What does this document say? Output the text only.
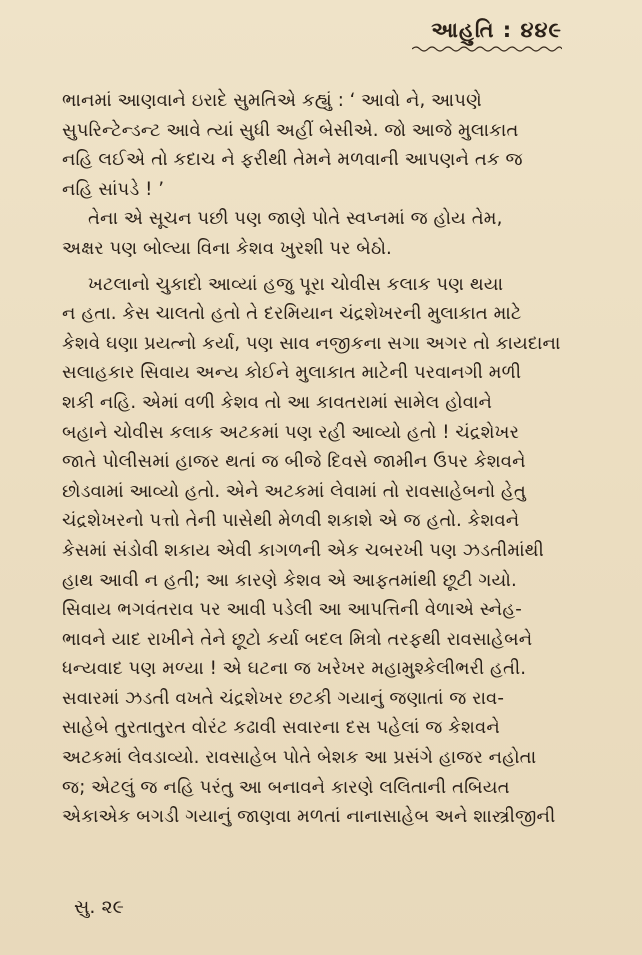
આહુતિ : ૪૪૯

ભાનમાં આણવાને ઇરાદે સુમતિએ કહ્યું : ‘ આવો ને, આપણે
સુપરિન્ટેન્ડન્ટ આવે ત્યાં સુધી અહીં બેસીએ. જો આજે મુલાકાત
નહિ લઈએ તો કદાચ ને ફરીથી તેમને મળવાની આપણને તક જ
નહિ સાંપડે ! ’

તેના એ સૂચન પછી પણ જાણે પોતે સ્વપ્નમાં જ હોય તેમ,
અક્ષર પણ બોલ્યા વિના કેશવ ખુરશી પર બેઠો.

ખટલાનો ચુકાદો આવ્યાં હજુ પૂરા ચોવીસ કલાક પણ થયા
ન હતા. કેસ ચાલતો હતો તે દરમિયાન ચંદ્રશેખરની મુલાકાત માટે
કેશવે ઘણા પ્રયત્નો કર્યા, પણ સાવ નજીકના સગા અગર તો કાયદાના
સલાહકાર સિવાય અન્ય કોઈને મુલાકાત માટેની પરવાનગી મળી
શકી નહિ. એમાં વળી કેશવ તો આ કાવતરામાં સામેલ હોવાને
બહાને ચોવીસ કલાક અટકમાં પણ રહી આવ્યો હતો ! ચંદ્રશેખર
જાતે પોલીસમાં હાજર થતાં જ બીજે દિવસે જામીન ઉપર કેશવને
છોડવામાં આવ્યો હતો. એને અટકમાં લેવામાં તો રાવસાહેબનો હેતુ
ચંદ્રશેખરનો પત્તો તેની પાસેથી મેળવી શકાશે એ જ હતો. કેશવને
કેસમાં સંડોવી શકાય એવી કાગળની એક ચબરખી પણ ઝડતીમાંથી
હાથ આવી ન હતી; આ કારણે કેશવ એ આફતમાંથી છૂટી ગયો.
સિવાય ભગવંતરાવ પર આવી પડેલી આ આપત્તિની વેળાએ સ્નેહ-
ભાવને યાદ રાખીને તેને છૂટો કર્યા બદલ મિત્રો તરફથી રાવસાહેબને
ધન્યવાદ પણ મળ્યા ! એ ઘટના જ ખરેખર મહામુશ્કેલીભરી હતી.
સવારમાં ઝડતી વખતે ચંદ્રશેખર છટકી ગયાનું જણાતાં જ રાવ-
સાહેબે તુરતાતુરત વોરંટ કઢાવી સવારના દસ પહેલાં જ કેશવને
અટકમાં લેવડાવ્યો. રાવસાહેબ પોતે બેશક આ પ્રસંગે હાજર નહોતા
જ; એટલું જ નહિ પરંતુ આ બનાવને કારણે લલિતાની તબિયત
એકાએક બગડી ગયાનું જાણવા મળતાં નાનાસાહેબ અને શાસ્ત્રીજીની

સુ. ૨૯
